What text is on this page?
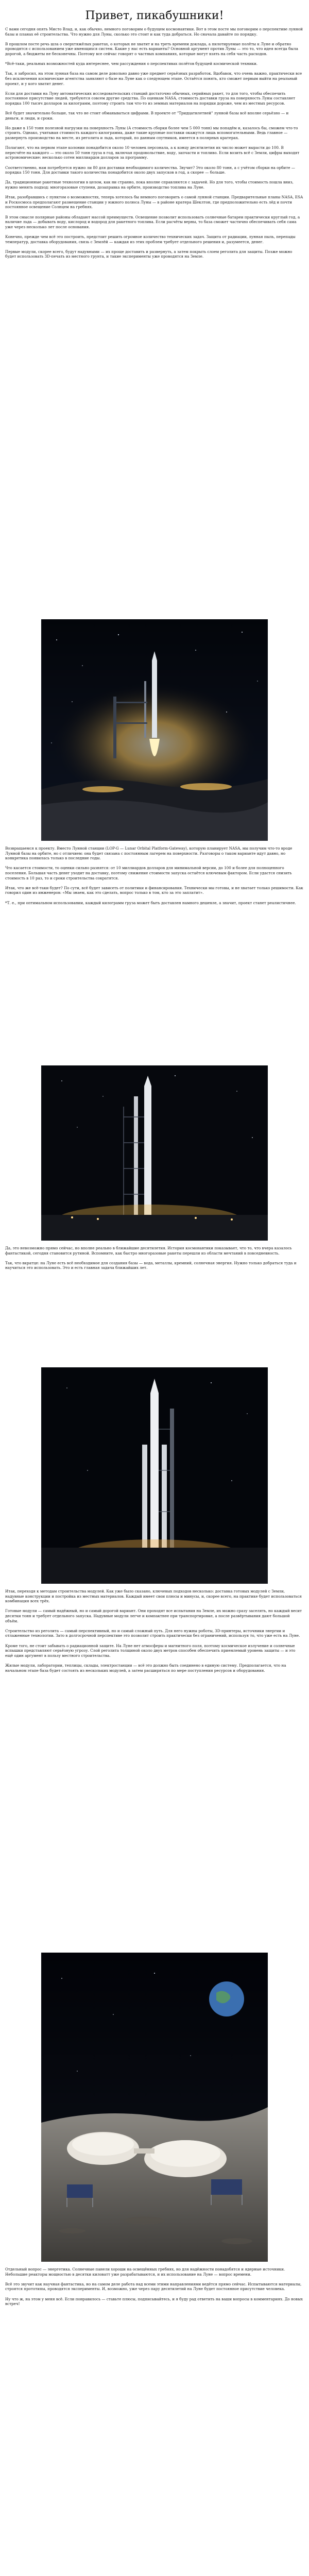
Привет, пикабушники!

С вами сегодня опять Мисто Влад, и, как обычно, немного поговорим о будущем космонавтики. Вот в этом посте мы поговорим о перспективе лунной базы и планах её строительства. Что нужно для Луны, сколько это стоит и как туда добраться. Но сначала давайте по порядку.

В прошлом посте речь шла о сверхтяжёлых ракетах, о которых не хватит и на треть времени доклада, а пилотируемые полёты к Луне и обратно проводятся с использованием уже имеющихся систем. Какие у нас есть варианты? Основной аргумент против Луны — это то, что идея всегда была дорогой, а бюджеты не бесконечны. Поэтому все сейчас говорят о частных компаниях, которые могут взять на себя часть расходов.

*Всё-таки, реальных возможностей куда интереснее, чем рассуждения о перспективах полётов будущей космической техники.

Так, я забросил, на этом лунная база на самом деле довольно давно уже предмет серьёзных разработок. Вдобавок, что очень важно, практически все без исключения космические агентства заявляют о базе на Луне как о следующем этапе. Остаётся понять, кто сможет первым выйти на реальный проект, и у кого хватит денег.

Если для доставки на Луну автоматических исследовательских станций достаточно обычных, серийных ракет, то для того, чтобы обеспечить постоянное присутствие людей, требуются совсем другие средства. По оценкам NASA, стоимость доставки груза на поверхность Луны составляет порядка 100 тысяч долларов за килограмм, поэтому строить там что-то из земных материалов на порядки дороже, чем из местных ресурсов.

Всё будет значительно больше, так что не стоит обманываться цифрами. В проекте от "Тридцатилетней" лунной базы всё вполне серьёзно — и деньги, и люди, и сроки.

Но даже в 150 тонн полезной нагрузки на поверхность Луны (А стоимость сборки более чем 5 000 тонн) мы попадём и, казалось бы, сможем что-то строить. Однако, учитывая стоимость каждого килограмма, даже такие крупные поставки окажутся лишь вспомогательными. Ведь главное — развернуть производство на месте, из реголита и льда, который, по данным спутников, имеется в полярных кратерах.

Полагают, что на первом этапе колонии понадобится около 10 человек персонала, а к концу десятилетия их число может вырасти до 100. В пересчёте на каждого — это около 50 тонн груза в год, включая продовольствие, воду, запчасти и топливо. Если возить всё с Земли, цифры выходят астрономические: несколько сотен миллиардов долларов за программу.

Соответственно, нам потребуется нужно ли 80 для доставки необходимого количества. Звучит? Это около 80 тонн, а с учётом сборки на орбите — порядка 150 тонн. Для доставки такого количества понадобится около двух запусков в год, а скорее — больше.

Да, традиционные ракетные технологии в целом, как ни странно, пока вполне справляются с задачей. Но для того, чтобы стоимость пошла вниз, нужно менять подход: многоразовые ступени, дозаправка на орбите, производство топлива на Луне.

Итак, разобравшись с пунктом о возможностях, теперь хотелось бы немного поговорить о самой лунной станции. Предварительные планы NASA, ESA и Роскосмоса предполагают размещение станции у южного полюса Луны — в районе кратера Шеклтон, где предположительно есть лёд и почти постоянное освещение Солнцем на гребнях.

В этом смысле полярные районы обладают массой преимуществ. Освещение позволит использовать солнечные батареи практически круглый год, а наличие льда — добывать воду, кислород и водород для ракетного топлива. Если расчёты верны, то база сможет частично обеспечивать себя сама уже через несколько лет после основания.

Конечно, прежде чем всё это построить, предстоит решить огромное количество технических задач. Защита от радиации, лунная пыль, перепады температур, доставка оборудования, связь с Землёй — каждая из этих проблем требует отдельного решения и, разумеется, денег.

Первые модули, скорее всего, будут надувными — их проще доставить и развернуть, а затем покрыть слоем реголита для защиты. Позже можно будет использовать 3D-печать из местного грунта, и такие эксперименты уже проводятся на Земле.

Возвращаемся к проекту. Вместо Лунной станции (LOP-G — Lunar Orbital Platform-Gateway), которую планирует NASA, мы получим что-то вроде Лунной базы на орбите, но с отличием: она будет связана с постоянным лагерем на поверхности. Разговоры о таком варианте идут давно, но конкретика появилась только в последние годы.

Что касается стоимости, то оценки сильно разнятся: от 10 миллиардов долларов для минимальной версии, до 100 и более для полноценного поселения. Большая часть денег уходит на доставку, поэтому снижение стоимости запуска остаётся ключевым фактором. Если удастся снизить стоимость в 10 раз, то и сроки строительства сократятся.

Итак, что же всё-таки будет? По сути, всё будет зависеть от политики и финансирования. Технически мы готовы, и не хватает только решимости. Как говорил один из инженеров: «Мы знаем, как это сделать, вопрос только в том, кто за это заплатит».

*Т. е., при оптимальном использовании, каждый килограмм груза может быть доставлен намного дешевле, а значит, проект станет реалистичнее.

Да, это невозможно прямо сейчас, но вполне реально в ближайшие десятилетия. История космонавтики показывает, что то, что вчера казалось фантастикой, сегодня становится рутиной. Вспомните, как быстро многоразовые ракеты перешли из области мечтаний в повседневность.

Так, что вкратце: на Луне есть всё необходимое для создания базы — вода, металлы, кремний, солнечная энергия. Нужно только добраться туда и научиться это использовать. Это и есть главная задача ближайших лет.

Итак, переходя к методам строительства модулей. Как уже было сказано, ключевых подходов несколько: доставка готовых модулей с Земли, надувные конструкции и постройка из местных материалов. Каждый имеет свои плюсы и минусы, и, скорее всего, на практике будет использоваться комбинация всех трёх.

Готовые модули — самый надёжный, но и самый дорогой вариант. Они проходят все испытания на Земле, их можно сразу заселять, но каждый весит десятки тонн и требует отдельного запуска. Надувные модули легче и компактнее при транспортировке, а после развёртывания дают большой объём.

Строительство из реголита — самый перспективный, но и самый сложный путь. Для него нужны роботы, 3D-принтеры, источники энергии и отлаженные технологии. Зато в долгосрочной перспективе это позволит строить практически без ограничений, используя то, что уже есть на Луне.

Кроме того, не стоит забывать о радиационной защите. На Луне нет атмосферы и магнитного поля, поэтому космическое излучение и солнечные вспышки представляют серьёзную угрозу. Слой реголита толщиной около двух метров способен обеспечить приемлемый уровень защиты — и это ещё один аргумент в пользу местного строительства.

Жилые модули, лаборатории, теплицы, склады, электростанции — всё это должно быть соединено в единую систему. Предполагается, что на начальном этапе база будет состоять из нескольких модулей, а затем расширяться по мере поступления ресурсов и оборудования.

Отдельный вопрос — энергетика. Солнечные панели хороши на освещённых гребнях, но для надёжности понадобятся и ядерные источники. Небольшие реакторы мощностью в десятки киловатт уже разрабатываются, и их использование на Луне — вопрос времени.

Всё это звучит как научная фантастика, но на самом деле работа над всеми этими направлениями ведётся прямо сейчас. Испытываются материалы, строятся прототипы, проводятся эксперименты. И, возможно, уже через пару десятилетий на Луне будет постоянное присутствие человека.

Ну что ж, на этом у меня всё. Если понравилось — ставьте плюсы, подписывайтесь, и я буду рад ответить на ваши вопросы в комментариях. До новых встреч!
